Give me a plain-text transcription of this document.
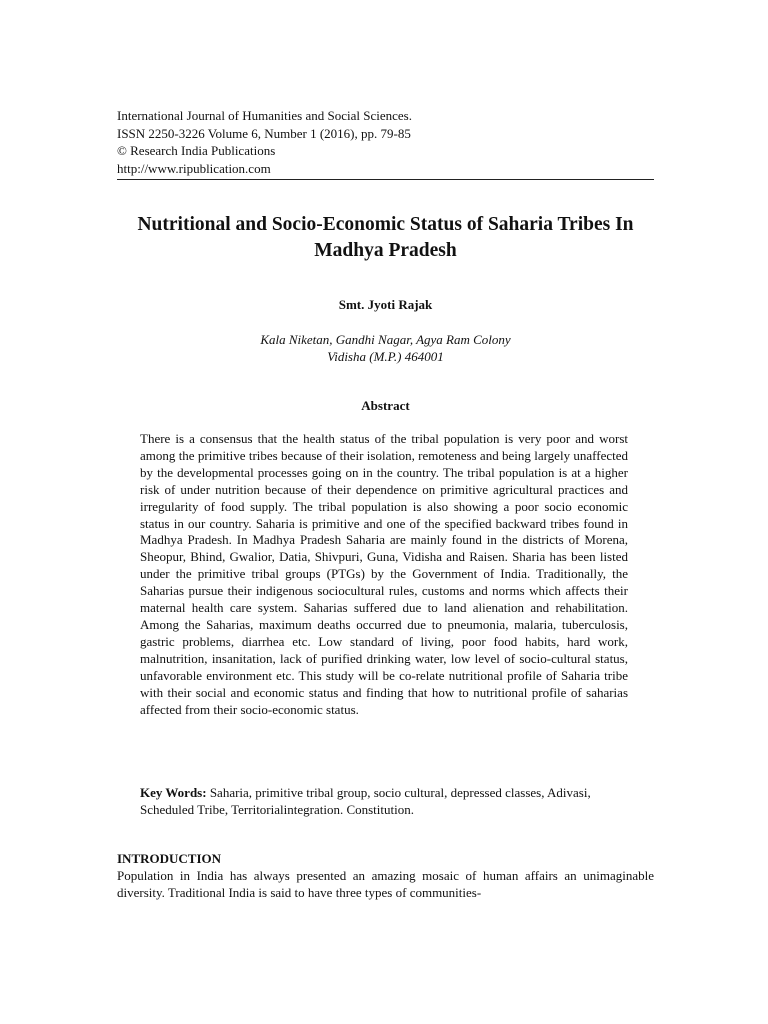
International Journal of Humanities and Social Sciences.
ISSN 2250-3226 Volume 6, Number 1 (2016), pp. 79-85
© Research India Publications
http://www.ripublication.com
Nutritional and Socio-Economic Status of Saharia Tribes In Madhya Pradesh
Smt. Jyoti Rajak
Kala Niketan, Gandhi Nagar, Agya Ram Colony
Vidisha (M.P.) 464001
Abstract

There is a consensus that the health status of the tribal population is very poor and worst among the primitive tribes because of their isolation, remoteness and being largely unaffected by the developmental processes going on in the country. The tribal population is at a higher risk of under nutrition because of their dependence on primitive agricultural practices and irregularity of food supply. The tribal population is also showing a poor socio economic status in our country. Saharia is primitive and one of the specified backward tribes found in Madhya Pradesh. In Madhya Pradesh Saharia are mainly found in the districts of Morena, Sheopur, Bhind, Gwalior, Datia, Shivpuri, Guna, Vidisha and Raisen. Sharia has been listed under the primitive tribal groups (PTGs) by the Government of India. Traditionally, the Saharias pursue their indigenous sociocultural rules, customs and norms which affects their maternal health care system. Saharias suffered due to land alienation and rehabilitation. Among the Saharias, maximum deaths occurred due to pneumonia, malaria, tuberculosis, gastric problems, diarrhea etc. Low standard of living, poor food habits, hard work, malnutrition, insanitation, lack of purified drinking water, low level of socio-cultural status, unfavorable environment etc. This study will be co-relate nutritional profile of Saharia tribe with their social and economic status and finding that how to nutritional profile of saharias affected from their socio-economic status.

Key Words: Saharia, primitive tribal group, socio cultural, depressed classes, Adivasi, Scheduled Tribe, Territorialintegration. Constitution.

INTRODUCTION

Population in India has always presented an amazing mosaic of human affairs an unimaginable diversity. Traditional India is said to have three types of communities-
